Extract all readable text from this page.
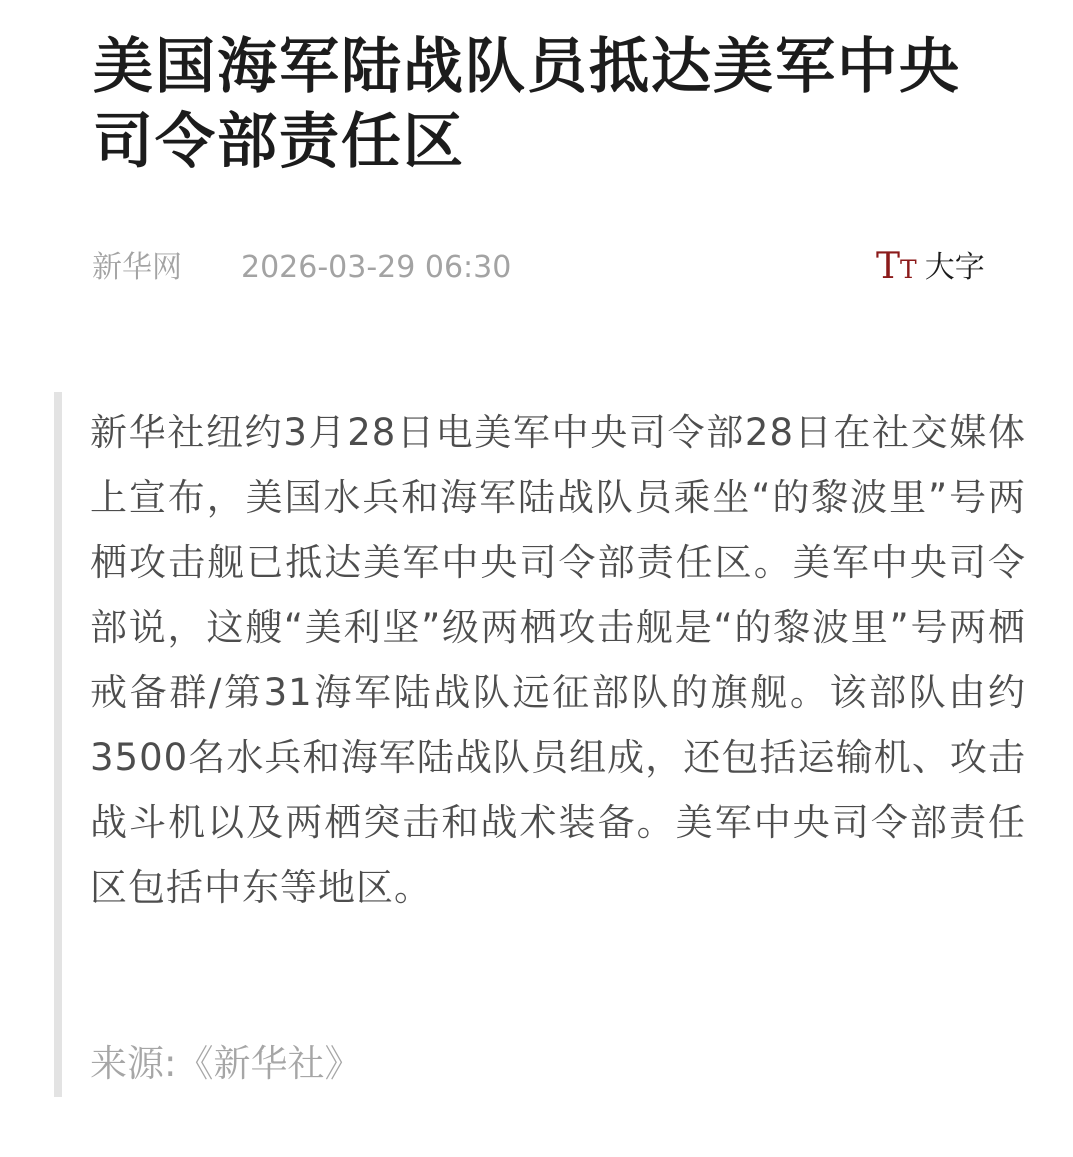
美国海军陆战队员抵达美军中央司令部责任区
新华网 2026-03-29 06:30	T T 大字

新华社纽约3月28日电美军中央司令部28日在社交媒体上宣布，美国水兵和海军陆战队员乘坐“的黎波里”号两栖攻击舰已抵达美军中央司令部责任区。美军中央司令部说，这艘“美利坚”级两栖攻击舰是“的黎波里”号两栖戒备群/第31海军陆战队远征部队的旗舰。该部队由约3500名水兵和海军陆战队员组成，还包括运输机、攻击战斗机以及两栖突击和战术装备。美军中央司令部责任区包括中东等地区。

来源:《新华社》
